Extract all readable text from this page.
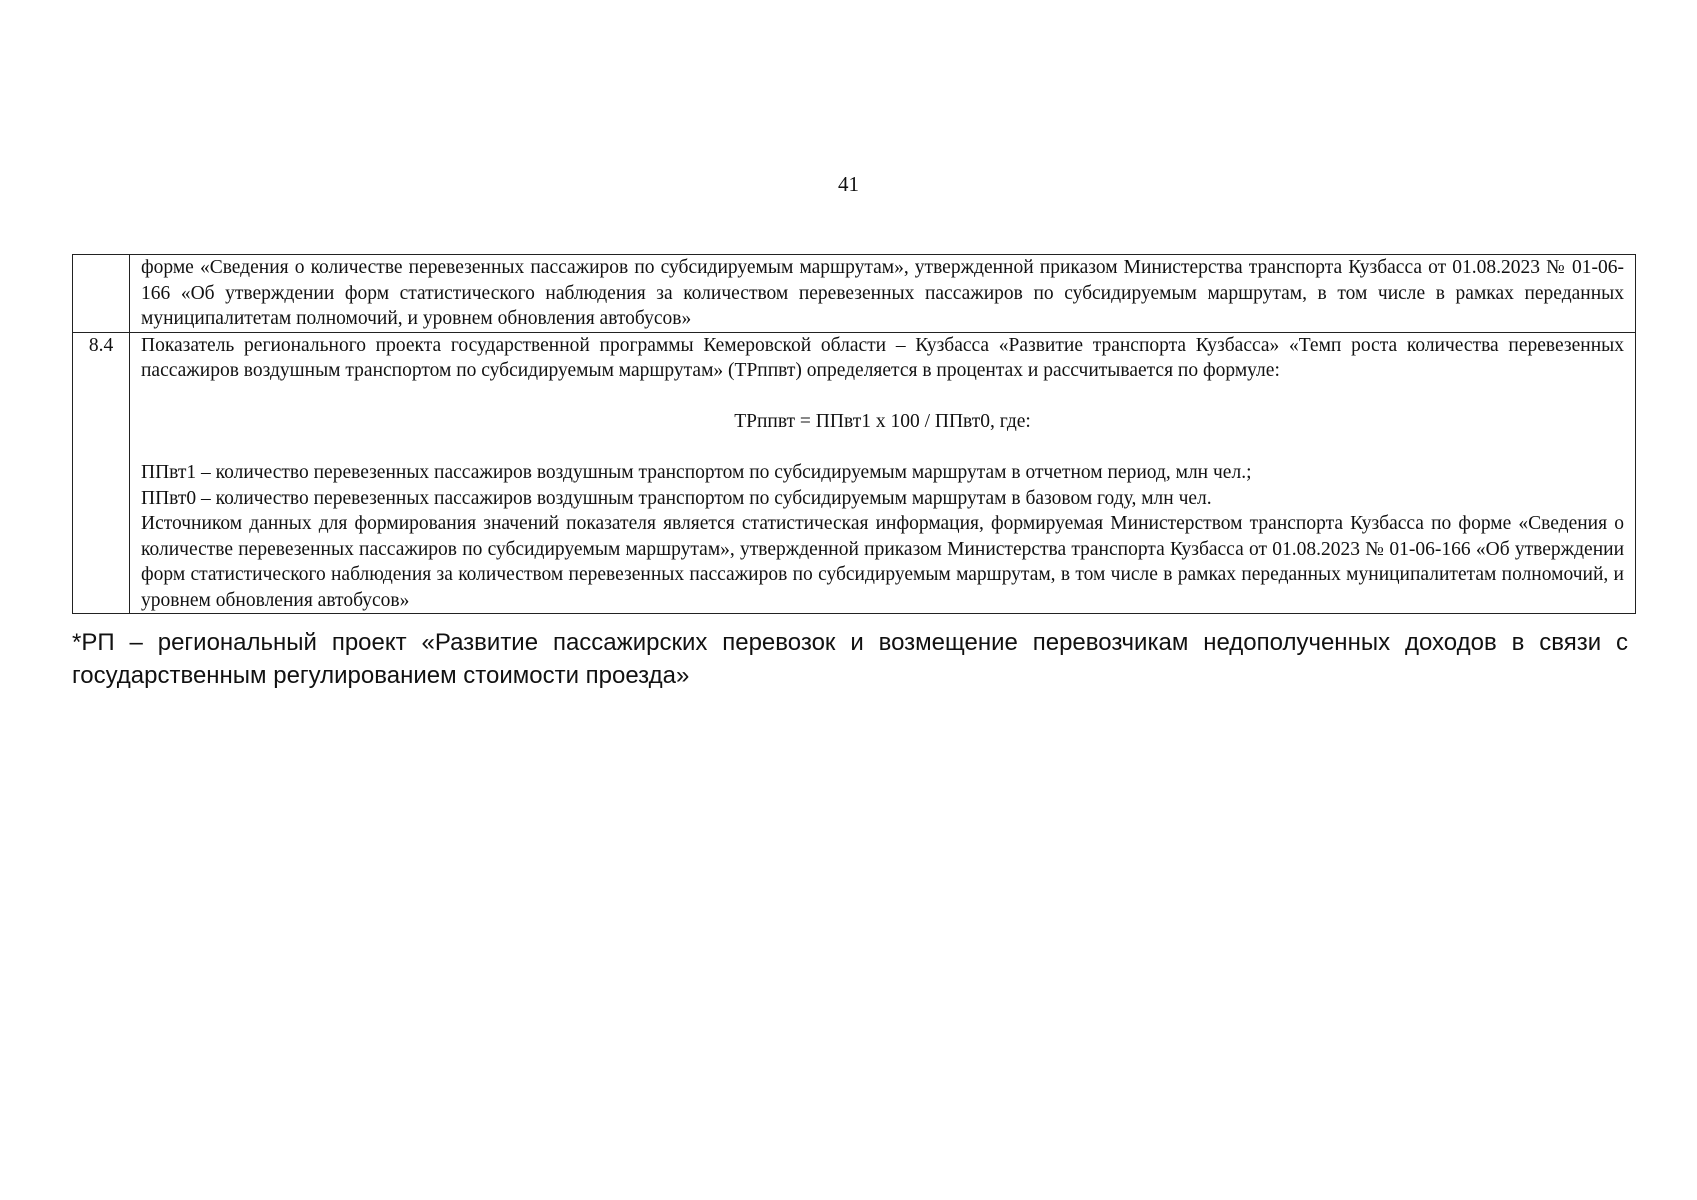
41

	форме «Сведения о количестве перевезенных пассажиров по субсидируемым маршрутам», утвержденной приказом Министерства транспорта Кузбасса от 01.08.2023 № 01-06-166 «Об утверждении форм статистического наблюдения за количеством перевезенных пассажиров по субсидируемым маршрутам, в том числе в рамках переданных муниципалитетам полномочий, и уровнем обновления автобусов»

8.4	Показатель регионального проекта государственной программы Кемеровской области – Кузбасса «Развитие транспорта Кузбасса» «Темп роста количества перевезенных пассажиров воздушным транспортом по субсидируемым маршрутам» (ТРппвт) определяется в процентах и рассчитывается по формуле:
ТРппвт = ППвт1 x 100 / ППвт0, где:
ППвт1 – количество перевезенных пассажиров воздушным транспортом по субсидируемым маршрутам в отчетном период, млн чел.;
ППвт0 – количество перевезенных пассажиров воздушным транспортом по субсидируемым маршрутам в базовом году, млн чел.
Источником данных для формирования значений показателя является статистическая информация, формируемая Министерством транспорта Кузбасса по форме «Сведения о количестве перевезенных пассажиров по субсидируемым маршрутам», утвержденной приказом Министерства транспорта Кузбасса от 01.08.2023 № 01-06-166 «Об утверждении форм статистического наблюдения за количеством перевезенных пассажиров по субсидируемым маршрутам, в том числе в рамках переданных муниципалитетам полномочий, и уровнем обновления автобусов»
*РП – региональный проект «Развитие пассажирских перевозок и возмещение перевозчикам недополученных доходов в связи с государственным регулированием стоимости проезда»
